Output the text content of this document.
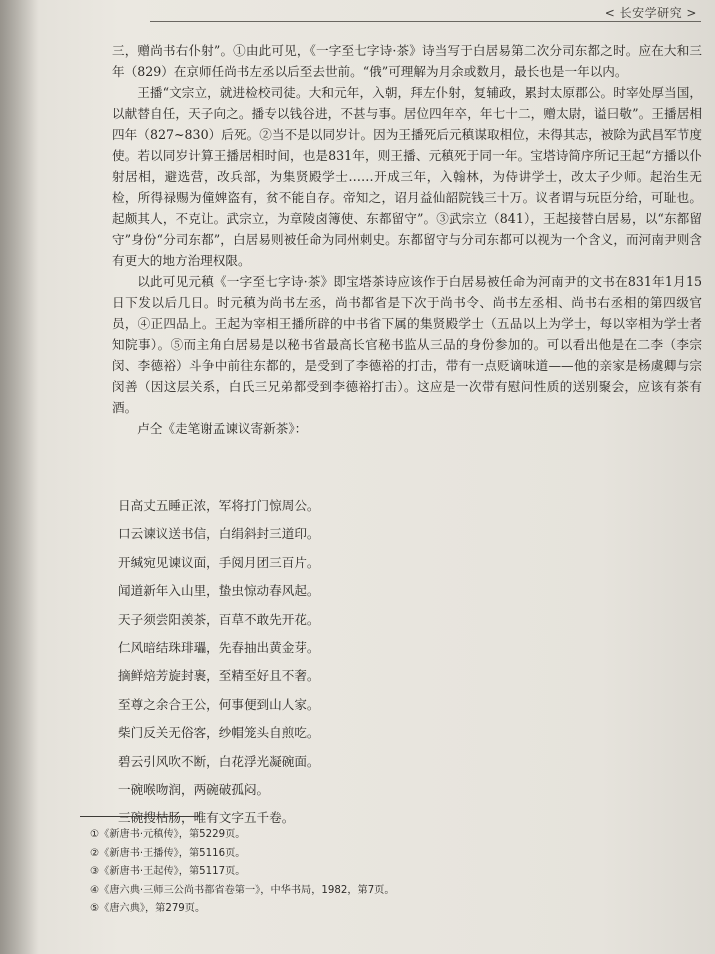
< 长安学研究 >

三，赠尚书右仆射”。①由此可见，《一字至七字诗·茶》诗当写于白居易第二次分司东都之时。应在大和三年（829）在京师任尚书左丞以后至去世前。“俄”可理解为月余或数月，最长也是一年以内。

王播“文宗立，就进检校司徒。大和元年，入朝，拜左仆射，复辅政，累封太原郡公。时宰处厚当国，以献替自任，天子向之。播专以钱谷进，不甚与事。居位四年卒，年七十二，赠太尉，谥曰敬”。王播居相四年（827~830）后死。②当不是以同岁计。因为王播死后元稹谋取相位，未得其志，被除为武昌军节度使。若以同岁计算王播居相时间，也是831年，则王播、元稹死于同一年。宝塔诗简序所记王起“方播以仆射居相，避选营，改兵部，为集贤殿学士……开成三年，入翰林，为侍讲学士，改太子少师。起治生无检，所得禄赐为僮婢盗有，贫不能自存。帝知之，诏月益仙韶院钱三十万。议者谓与玩臣分给，可耻也。起颇其人，不克让。武宗立，为章陵卤簿使、东都留守”。③武宗立（841），王起接替白居易，以“东都留守”身份“分司东都”，白居易则被任命为同州刺史。东都留守与分司东都可以视为一个含义，而河南尹则含有更大的地方治理权限。

以此可见元稹《一字至七字诗·茶》即宝塔茶诗应该作于白居易被任命为河南尹的文书在831年1月15日下发以后几日。时元稹为尚书左丞，尚书都省是下次于尚书令、尚书左丞相、尚书右丞相的第四级官员，④正四品上。王起为宰相王播所辟的中书省下属的集贤殿学士（五品以上为学士，每以宰相为学士者知院事）。⑤而主角白居易是以秘书省最高长官秘书监从三品的身份参加的。可以看出他是在二李（李宗闵、李德裕）斗争中前往东都的，是受到了李德裕的打击，带有一点贬谪味道——他的亲家是杨虞卿与宗闵善（因这层关系，白氏三兄弟都受到李德裕打击）。这应是一次带有慰问性质的送别聚会，应该有茶有酒。

卢仝《走笔谢孟谏议寄新茶》：

日高丈五睡正浓，军将打门惊周公。
口云谏议送书信，白绢斜封三道印。
开缄宛见谏议面，手阅月团三百片。
闻道新年入山里，蛰虫惊动春风起。
天子须尝阳羡茶，百草不敢先开花。
仁风暗结珠琲瓃，先春抽出黄金芽。
摘鲜焙芳旋封裹，至精至好且不奢。
至尊之余合王公，何事便到山人家。
柴门反关无俗客，纱帽笼头自煎吃。
碧云引风吹不断，白花浮光凝碗面。
一碗喉吻润，两碗破孤闷。
三碗搜枯肠，唯有文字五千卷。
①《新唐书·元稹传》，第5229页。
②《新唐书·王播传》，第5116页。
③《新唐书·王起传》，第5117页。
④《唐六典·三师三公尚书都省卷第一》，中华书局，1982，第7页。
⑤《唐六典》，第279页。
